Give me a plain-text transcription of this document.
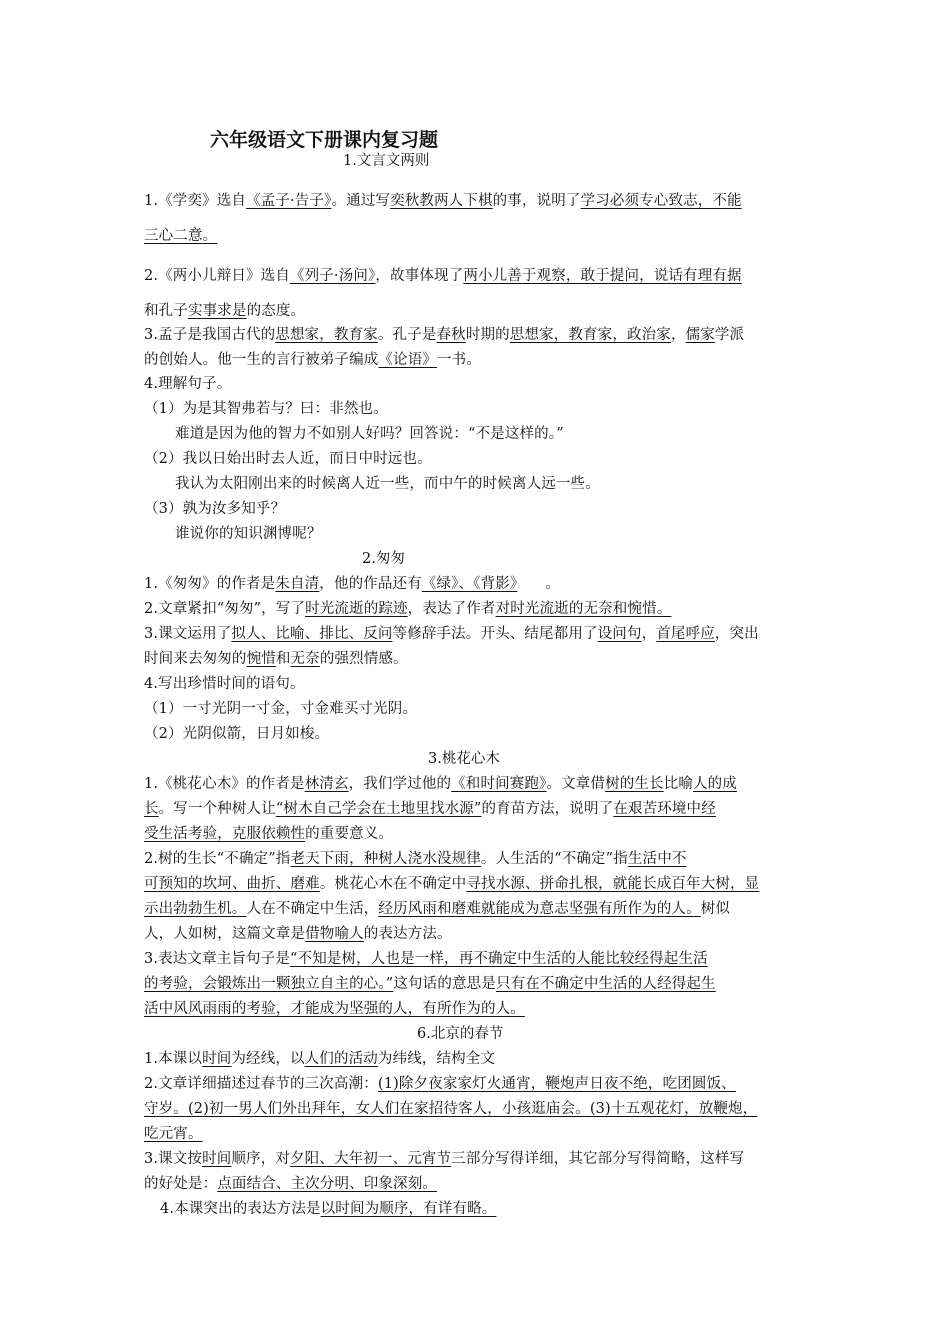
六年级语文下册课内复习题
1.文言文两则
1.《学奕》选自《孟子·告子》。通过写奕秋教两人下棋的事，说明了学习必须专心致志，不能
三心二意。
2.《两小儿辩日》选自《列子·汤问》，故事体现了两小儿善于观察，敢于提问，说话有理有据
和孔子实事求是的态度。
3.孟子是我国古代的思想家，教育家。孔子是春秋时期的思想家，教育家，政治家，儒家学派
的创始人。他一生的言行被弟子编成《论语》一书。
4.理解句子。
（1）为是其智弗若与？曰：非然也。
难道是因为他的智力不如别人好吗？回答说：“不是这样的。”
（2）我以日始出时去人近，而日中时远也。
我认为太阳刚出来的时候离人近一些，而中午的时候离人远一些。
（3）孰为汝多知乎？
谁说你的知识渊博呢？
2.匆匆
1.《匆匆》的作者是朱自清，他的作品还有《绿》、《背影》 。
2.文章紧扣“匆匆”，写了时光流逝的踪迹，表达了作者对时光流逝的无奈和惋惜。
3.课文运用了拟人、比喻、排比、反问等修辞手法。开头、结尾都用了设问句，首尾呼应，突出
时间来去匆匆的惋惜和无奈的强烈情感。
4.写出珍惜时间的语句。
（1）一寸光阴一寸金，寸金难买寸光阴。
（2）光阴似箭，日月如梭。
3.桃花心木
1.《桃花心木》的作者是林清玄，我们学过他的《和时间赛跑》。文章借树的生长比喻人的成
长。写一个种树人让“树木自己学会在土地里找水源”的育苗方法，说明了在艰苦环境中经
受生活考验，克服依赖性的重要意义。
2.树的生长“不确定”指老天下雨，种树人浇水没规律。人生活的“不确定”指生活中不
可预知的坎坷、曲折、磨难。桃花心木在不确定中寻找水源、拼命扎根，就能长成百年大树，显
示出勃勃生机。人在不确定中生活，经历风雨和磨难就能成为意志坚强有所作为的人。树似
人，人如树，这篇文章是借物喻人的表达方法。
3.表达文章主旨句子是“不知是树，人也是一样，再不确定中生活的人能比较经得起生活
的考验，会锻炼出一颗独立自主的心。”这句话的意思是只有在不确定中生活的人经得起生
活中风风雨雨的考验，才能成为坚强的人，有所作为的人。
6.北京的春节
1.本课以时间为经线，以人们的活动为纬线，结构全文
2.文章详细描述过春节的三次高潮：(1)除夕夜家家灯火通宵，鞭炮声日夜不绝，吃团圆饭、
守岁。(2)初一男人们外出拜年，女人们在家招待客人，小孩逛庙会。(3)十五观花灯，放鞭炮，
吃元宵。
3.课文按时间顺序，对夕阳、大年初一、元宵节三部分写得详细，其它部分写得简略，这样写
的好处是：点面结合、主次分明、印象深刻。
4.本课突出的表达方法是以时间为顺序，有详有略。
